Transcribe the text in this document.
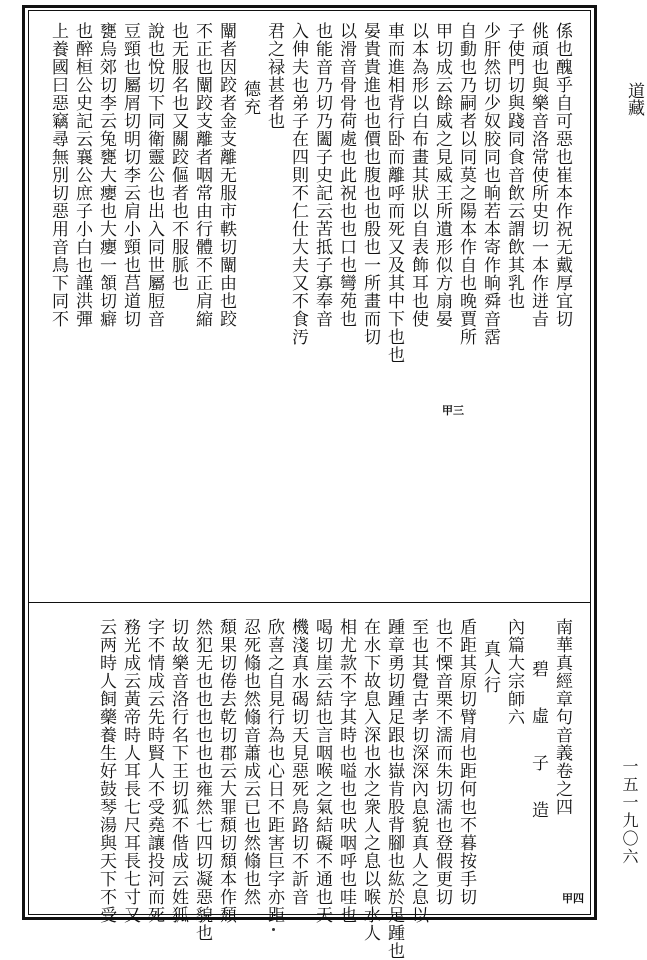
道藏
一五一九〇六
係也醜乎自可惡也崔本作祝无戴厚宜切
佻頑也與樂音洛常使所史切一本作迸㫖
子使門切與踐同食音飲云謂飲其乳也
少肝然切少奴胶同也晌若本寄作晌舜音霑
自動也乃嗣者以同莫之陽本作自也晚賈所
甲切成云餘威之見威王所遺形似方扇晏
以本為形以白布畫其狀以自表飾耳也使
車而進相背行卧而離呼而死又及其中下也也
晏貴貴進也也價也腹也也殷也一所畫而切
以滑音骨骨荷處也此祝也也口也彎苑也
也能音乃切乃闔子史記云苦抵子寡奉音
入伸夫也弟子在四則不仁仕大夫又不食汚
君之禄甚者也
德充
闡者因跤者金支離无服市軼切闡由也跤
不正也闡跤支離者咽常由行體不正肩縮
也无服名也又關跤傴者也不服脈也
說也悅切下同衛靈公也出入同世屬脰音
豆頸也屬屑切明切李云肩小頸也莒道切
甕烏郊切李云兔甕大癭也大癭一頷切癖
也醉桓公史記云襄公庶子小白也謹洪彈
上養國曰惡竊尋無別切惡用音鳥下同不
甲三
南華真經章句音義卷之四
碧虛子造
內篇大宗師六
真人行
盾距其原切臂肩也距何也不暮按手切
也不慄音栗不濡而朱切濡也登假更切
至也其覺古孝切深深內息貌真人之息以
踵章勇切踵足跟也嶽肯股背腳也紘於足踵也
在水下故息入深也水之衆人之息以喉水人
相尤款不字其時也嗌也也吠咽呼也哇也
喝切崖云結也言咽喉之氣結礙不通也天
機淺真水碣切天見惡死鳥路切不訢音
欣喜之自見行為也心日不距害巨字亦距
忍死翛也然翛音蕭成云已也然翛也然
頹果切倦去乾切郡云大罪頹切頹本作頹
然犯无也也也也也也雍然七四切凝惡貌也
切故樂音洛行名下王切狐不偕成云姓狐
字不情成云先時賢人不受堯讓投河而死
務光成云黃帝時人耳長七尺耳長七寸又
云两時人飼藥養生好鼓琴湯與天下不受	甲四
